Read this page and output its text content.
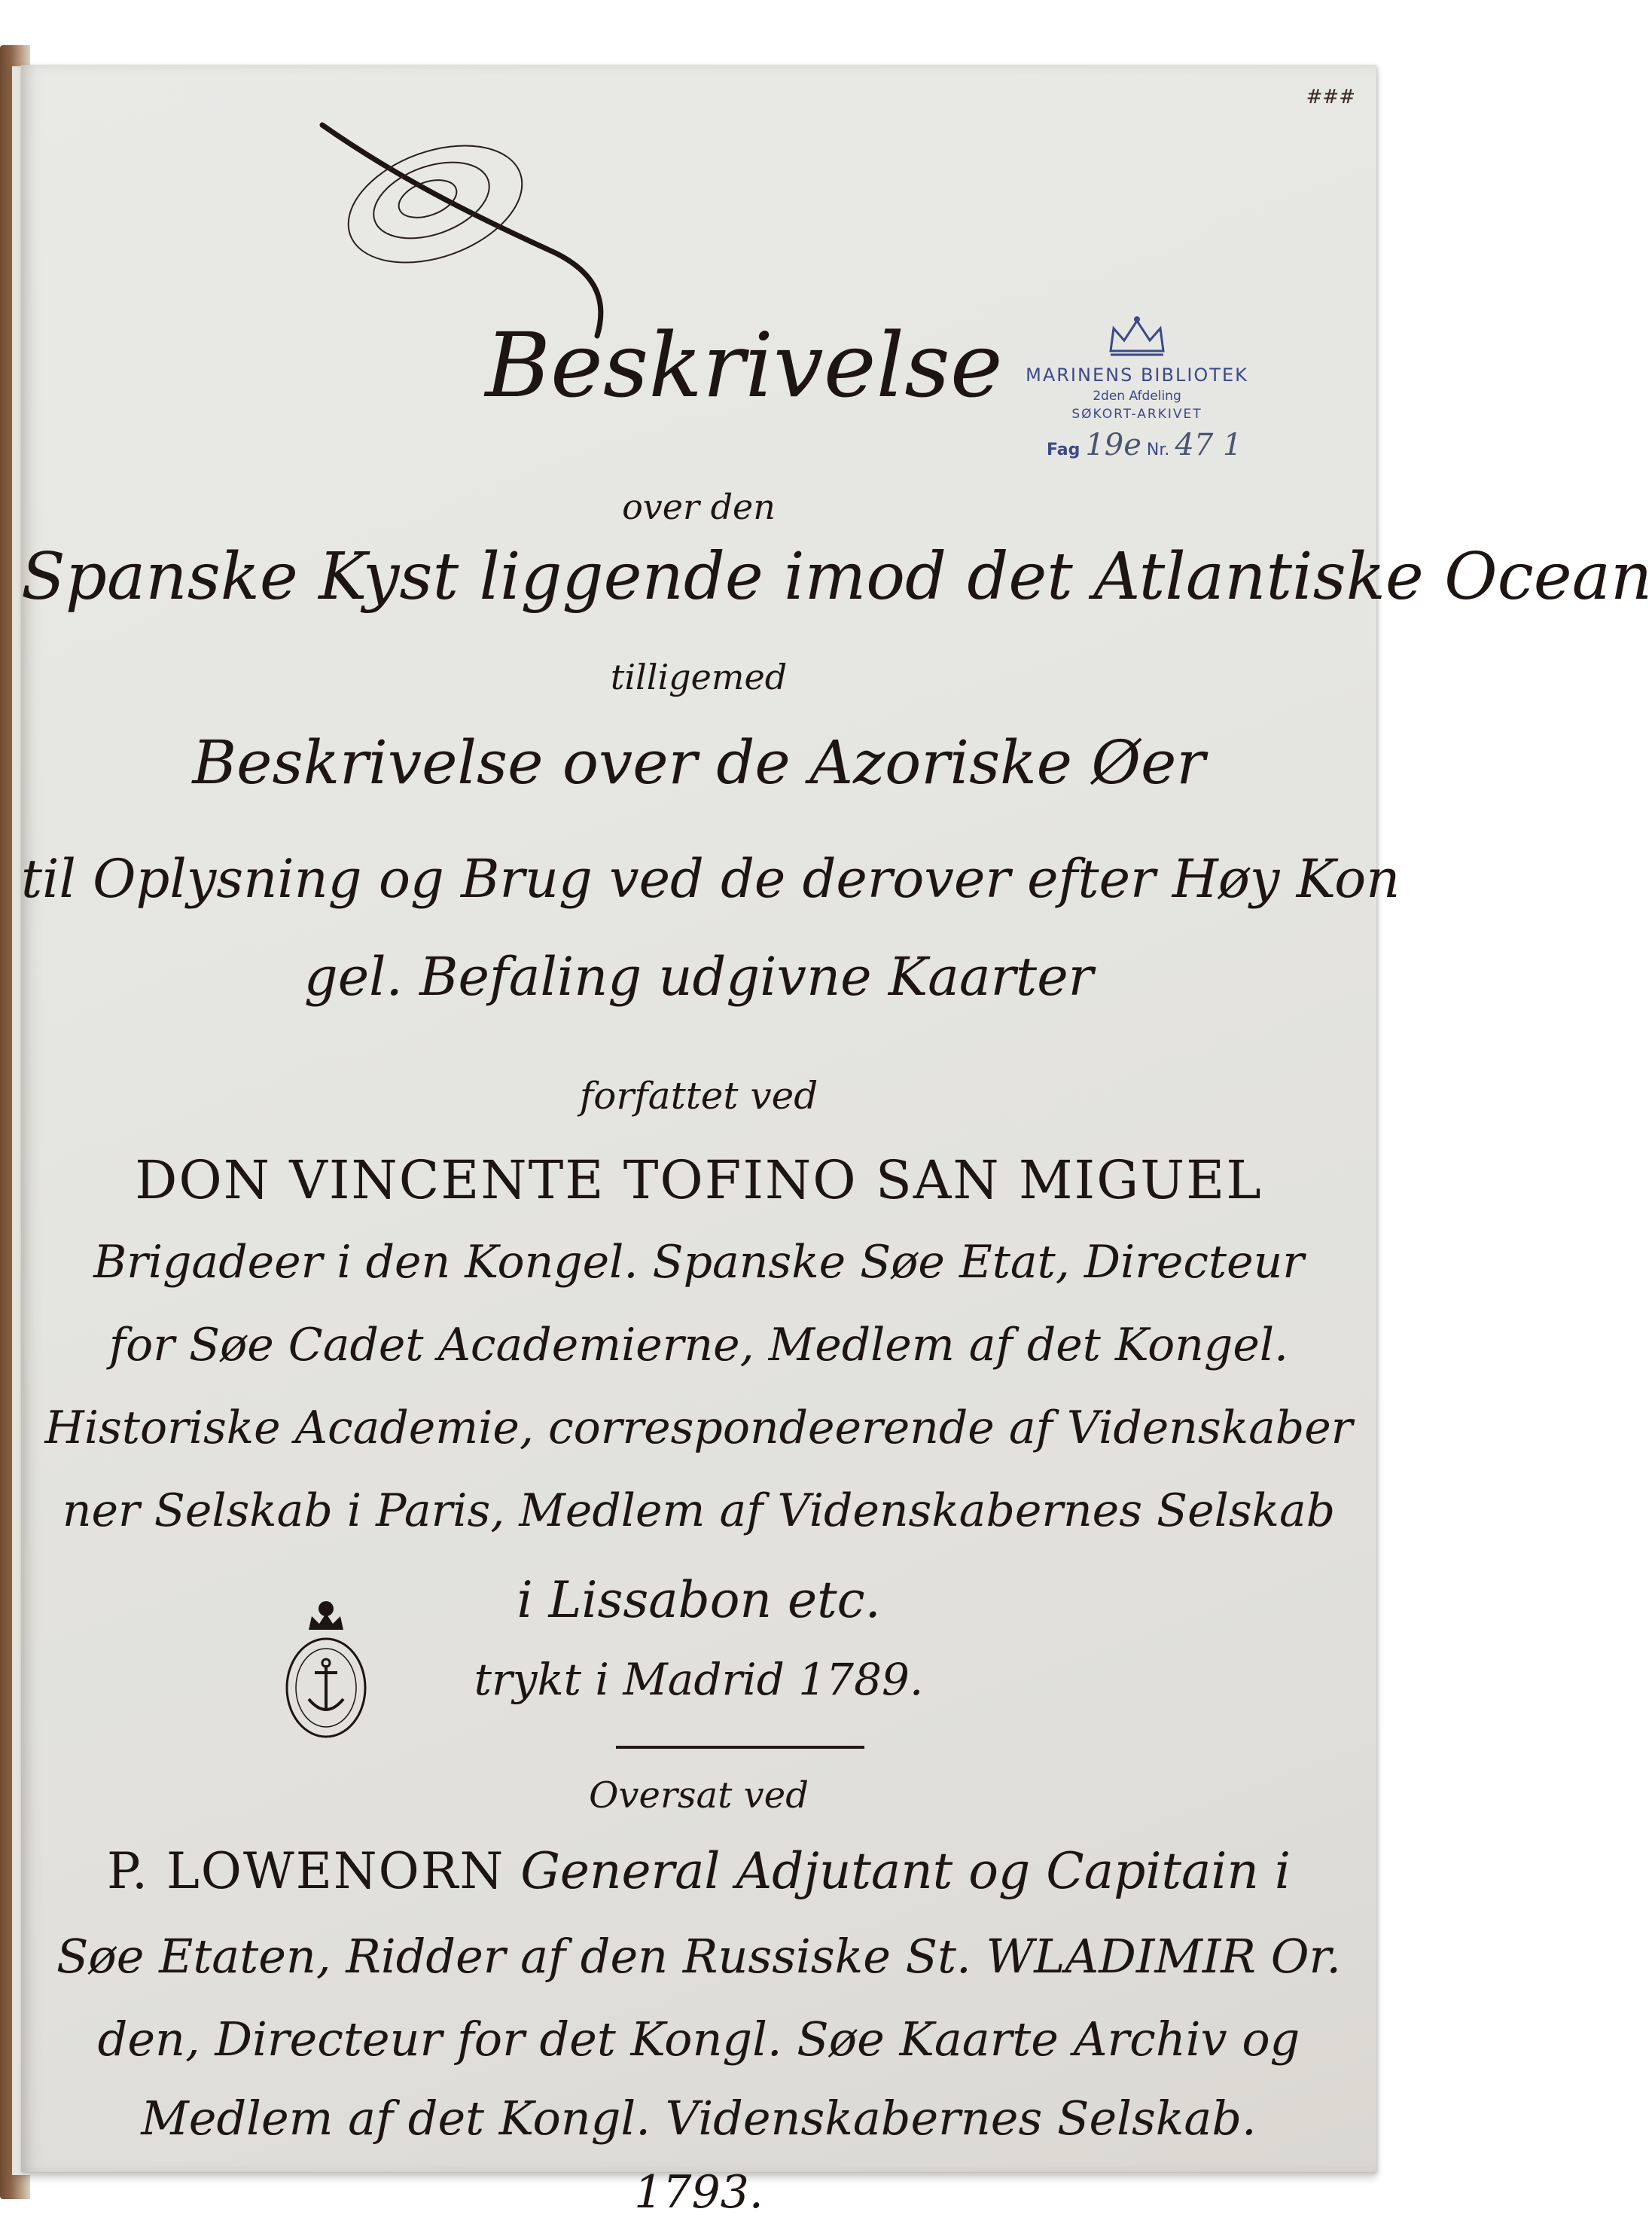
###
Beskrivelse	MARINENS BIBLIOTEK
2den Afdeling
SØKORT-ARKIVET
Fag 19e Nr. 47 1
over den
Spanske Kyst liggende imod det Atlantiske Ocean
tilligemed
Beskrivelse over de Azoriske Øer
til Oplysning og Brug ved de derover efter Høy Kon
gel. Befaling udgivne Kaarter
forfattet ved
DON VINCENTE TOFINO SAN MIGUEL
Brigadeer i den Kongel. Spanske Søe Etat, Directeur
for Søe Cadet Academierne, Medlem af det Kongel.
Historiske Academie, correspondeerende af Videnskaber
ner Selskab i Paris, Medlem af Videnskabernes Selskab
i Lissabon etc.
trykt i Madrid 1789.
Oversat ved
P. LOWENORN General Adjutant og Capitain i
Søe Etaten, Ridder af den Russiske St. WLADIMIR Or.
den, Directeur for det Kongl. Søe Kaarte Archiv og
Medlem af det Kongl. Videnskabernes Selskab.
1793.
